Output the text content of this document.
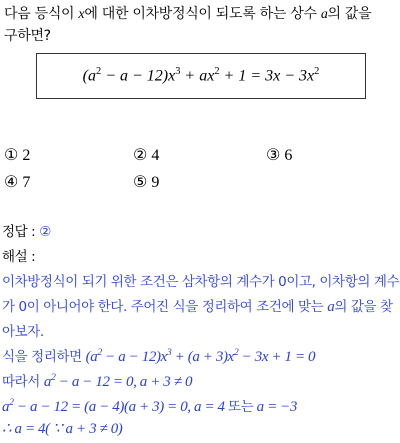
다음 등식이 x에 대한 이차방정식이 되도록 하는 상수 a의 값을
구하면?
$(a^2 - a - 12)x^3 + ax^2 + 1 = 3x - 3x^2$
① 2	② 4	③ 6
④ 7	⑤ 9
정답 : ②
해설 :
이차방정식이 되기 위한 조건은 삼차항의 계수가 0이고, 이차항의 계수
가 0이 아니어야 한다. 주어진 식을 정리하여 조건에 맞는 a의 값을 찾
아보자.
식을 정리하면 $(a^2 - a - 12)x^3 + (a + 3)x^2 - 3x + 1 = 0$
따라서 $a^2 - a - 12 = 0$, a + 3 ≠ 0
$a^2 - a - 12 = (a - 4)(a + 3) = 0$, a = 4 또는 a = −3
∴ a = 4( ∵ a + 3 ≠ 0)
